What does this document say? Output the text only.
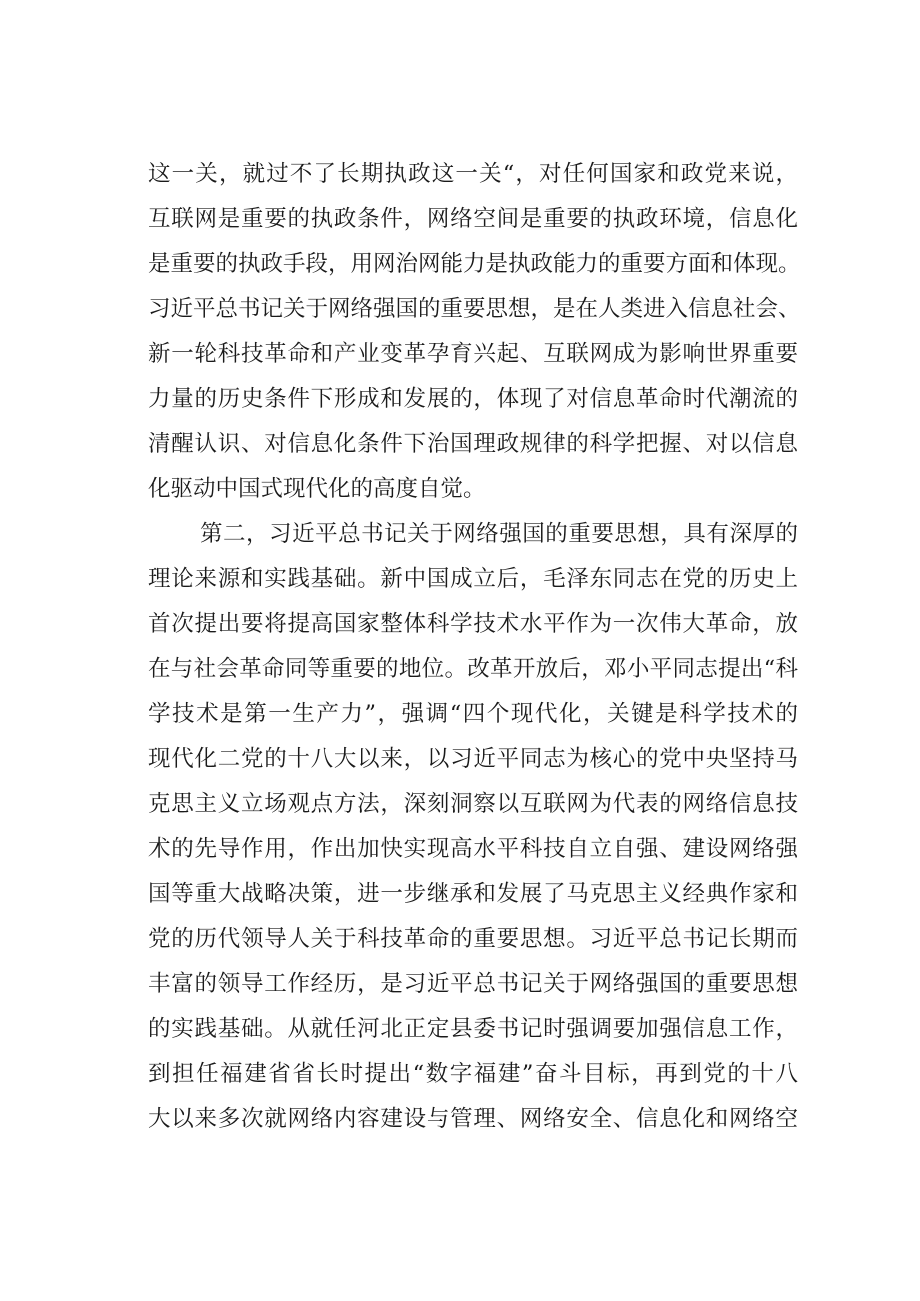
这一关，就过不了长期执政这一关“，对任何国家和政党来说，
互联网是重要的执政条件，网络空间是重要的执政环境，信息化
是重要的执政手段，用网治网能力是执政能力的重要方面和体现。
习近平总书记关于网络强国的重要思想，是在人类进入信息社会、
新一轮科技革命和产业变革孕育兴起、互联网成为影响世界重要
力量的历史条件下形成和发展的，体现了对信息革命时代潮流的
清醒认识、对信息化条件下治国理政规律的科学把握、对以信息
化驱动中国式现代化的高度自觉。
第二，习近平总书记关于网络强国的重要思想，具有深厚的
理论来源和实践基础。新中国成立后，毛泽东同志在党的历史上
首次提出要将提高国家整体科学技术水平作为一次伟大革命，放
在与社会革命同等重要的地位。改革开放后，邓小平同志提出“科
学技术是第一生产力”，强调“四个现代化，关键是科学技术的
现代化二党的十八大以来，以习近平同志为核心的党中央坚持马
克思主义立场观点方法，深刻洞察以互联网为代表的网络信息技
术的先导作用，作出加快实现高水平科技自立自强、建设网络强
国等重大战略决策，进一步继承和发展了马克思主义经典作家和
党的历代领导人关于科技革命的重要思想。习近平总书记长期而
丰富的领导工作经历，是习近平总书记关于网络强国的重要思想
的实践基础。从就任河北正定县委书记时强调要加强信息工作，
到担任福建省省长时提出“数字福建”奋斗目标，再到党的十八
大以来多次就网络内容建设与管理、网络安全、信息化和网络空
